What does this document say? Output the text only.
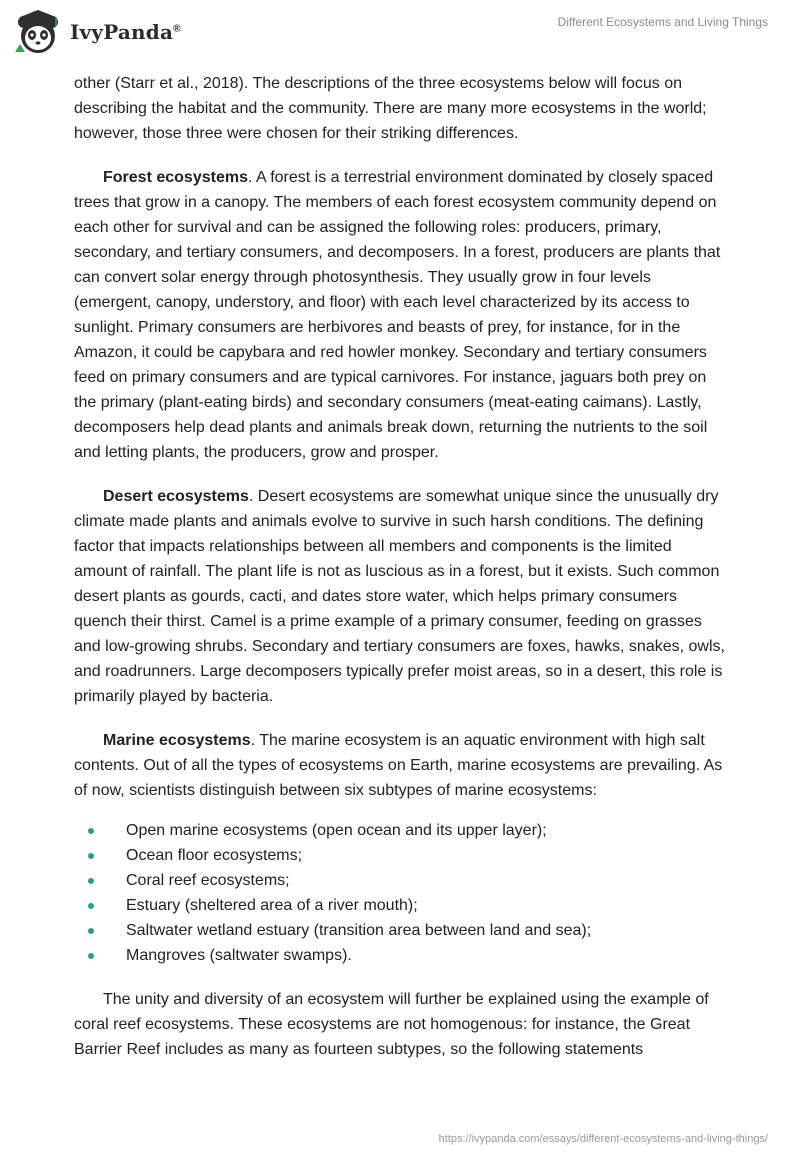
IvyPanda®	Different Ecosystems and Living Things

other (Starr et al., 2018). The descriptions of the three ecosystems below will focus on describing the habitat and the community. There are many more ecosystems in the world; however, those three were chosen for their striking differences.

Forest ecosystems. A forest is a terrestrial environment dominated by closely spaced trees that grow in a canopy. The members of each forest ecosystem community depend on each other for survival and can be assigned the following roles: producers, primary, secondary, and tertiary consumers, and decomposers. In a forest, producers are plants that can convert solar energy through photosynthesis. They usually grow in four levels (emergent, canopy, understory, and floor) with each level characterized by its access to sunlight. Primary consumers are herbivores and beasts of prey, for instance, for in the Amazon, it could be capybara and red howler monkey. Secondary and tertiary consumers feed on primary consumers and are typical carnivores. For instance, jaguars both prey on the primary (plant-eating birds) and secondary consumers (meat-eating caimans). Lastly, decomposers help dead plants and animals break down, returning the nutrients to the soil and letting plants, the producers, grow and prosper.

Desert ecosystems. Desert ecosystems are somewhat unique since the unusually dry climate made plants and animals evolve to survive in such harsh conditions. The defining factor that impacts relationships between all members and components is the limited amount of rainfall. The plant life is not as luscious as in a forest, but it exists. Such common desert plants as gourds, cacti, and dates store water, which helps primary consumers quench their thirst. Camel is a prime example of a primary consumer, feeding on grasses and low-growing shrubs. Secondary and tertiary consumers are foxes, hawks, snakes, owls, and roadrunners. Large decomposers typically prefer moist areas, so in a desert, this role is primarily played by bacteria.

Marine ecosystems. The marine ecosystem is an aquatic environment with high salt contents. Out of all the types of ecosystems on Earth, marine ecosystems are prevailing. As of now, scientists distinguish between six subtypes of marine ecosystems:

Open marine ecosystems (open ocean and its upper layer);
Ocean floor ecosystems;
Coral reef ecosystems;
Estuary (sheltered area of a river mouth);
Saltwater wetland estuary (transition area between land and sea);
Mangroves (saltwater swamps).

The unity and diversity of an ecosystem will further be explained using the example of coral reef ecosystems. These ecosystems are not homogenous: for instance, the Great Barrier Reef includes as many as fourteen subtypes, so the following statements

https://ivypanda.com/essays/different-ecosystems-and-living-things/
